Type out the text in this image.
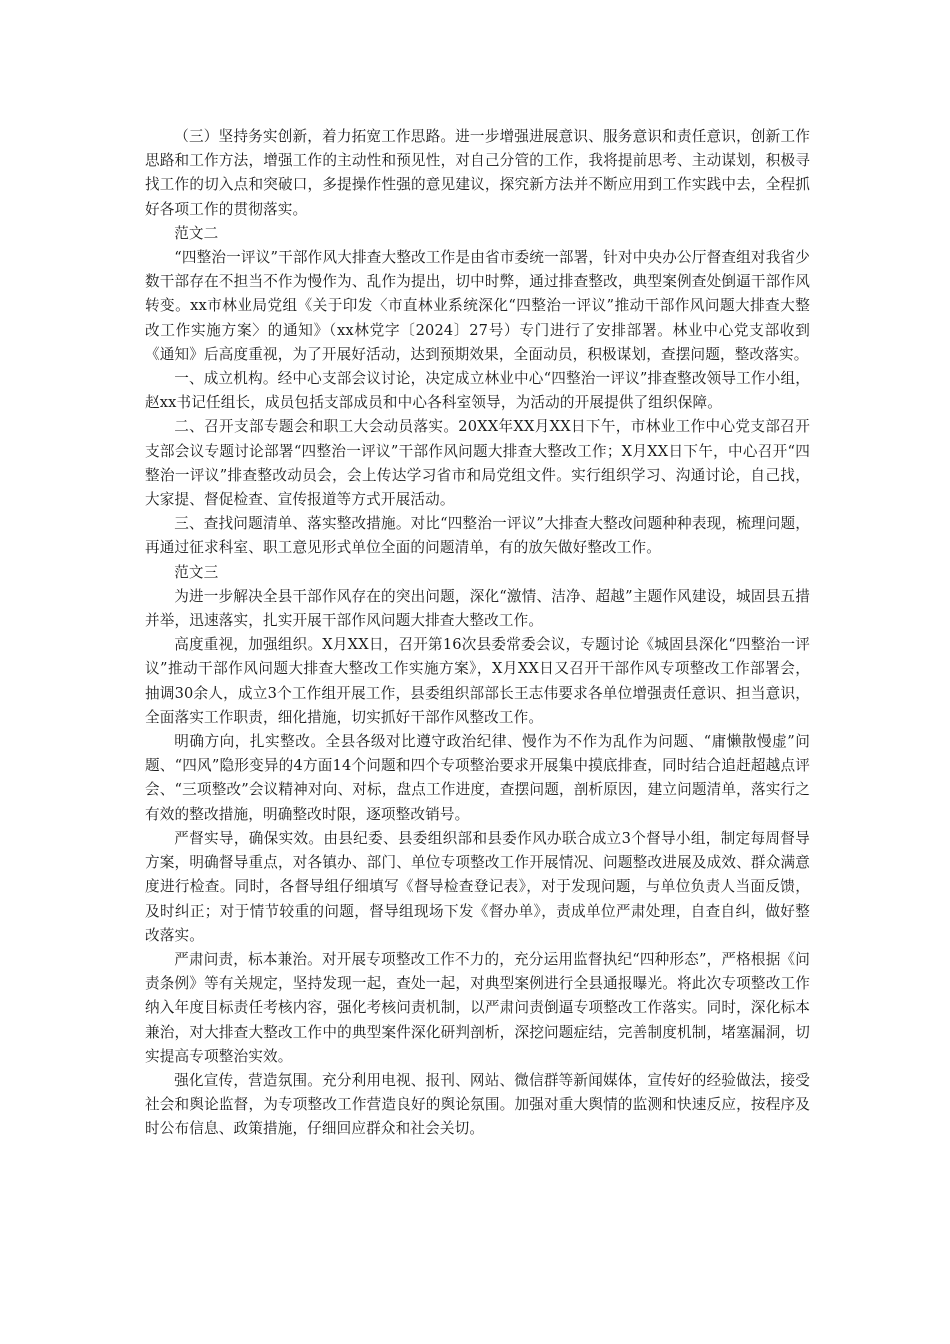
（三）坚持务实创新，着力拓宽工作思路。进一步增强进展意识、服务意识和责任意识，创新工作思路和工作方法，增强工作的主动性和预见性，对自己分管的工作，我将提前思考、主动谋划，积极寻找工作的切入点和突破口，多提操作性强的意见建议，探究新方法并不断应用到工作实践中去，全程抓好各项工作的贯彻落实。

范文二

“四整治一评议”干部作风大排查大整改工作是由省市委统一部署，针对中央办公厅督查组对我省少数干部存在不担当不作为慢作为、乱作为提出，切中时弊，通过排查整改，典型案例查处倒逼干部作风转变。xx市林业局党组《关于印发〈市直林业系统深化“四整治一评议”推动干部作风问题大排查大整改工作实施方案〉的通知》（xx林党字〔2024〕27号）专门进行了安排部署。林业中心党支部收到《通知》后高度重视，为了开展好活动，达到预期效果，全面动员，积极谋划，查摆问题，整改落实。

一、成立机构。经中心支部会议讨论，决定成立林业中心“四整治一评议”排查整改领导工作小组，赵xx书记任组长，成员包括支部成员和中心各科室领导，为活动的开展提供了组织保障。

二、召开支部专题会和职工大会动员落实。20XX年XX月XX日下午，市林业工作中心党支部召开支部会议专题讨论部署“四整治一评议”干部作风问题大排查大整改工作；X月XX日下午，中心召开“四整治一评议”排查整改动员会，会上传达学习省市和局党组文件。实行组织学习、沟通讨论，自己找，大家提、督促检查、宣传报道等方式开展活动。

三、查找问题清单、落实整改措施。对比“四整治一评议”大排查大整改问题种种表现，梳理问题，再通过征求科室、职工意见形式单位全面的问题清单，有的放矢做好整改工作。

范文三

为进一步解决全县干部作风存在的突出问题，深化“激情、洁净、超越”主题作风建设，城固县五措并举，迅速落实，扎实开展干部作风问题大排查大整改工作。

高度重视，加强组织。X月XX日，召开第16次县委常委会议，专题讨论《城固县深化“四整治一评议”推动干部作风问题大排查大整改工作实施方案》，X月XX日又召开干部作风专项整改工作部署会，抽调30余人，成立3个工作组开展工作，县委组织部部长王志伟要求各单位增强责任意识、担当意识，全面落实工作职责，细化措施，切实抓好干部作风整改工作。

明确方向，扎实整改。全县各级对比遵守政治纪律、慢作为不作为乱作为问题、“庸懒散慢虚”问题、“四风”隐形变异的4方面14个问题和四个专项整治要求开展集中摸底排查，同时结合追赶超越点评会、“三项整改”会议精神对向、对标，盘点工作进度，查摆问题，剖析原因，建立问题清单，落实行之有效的整改措施，明确整改时限，逐项整改销号。

严督实导，确保实效。由县纪委、县委组织部和县委作风办联合成立3个督导小组，制定每周督导方案，明确督导重点，对各镇办、部门、单位专项整改工作开展情况、问题整改进展及成效、群众满意度进行检查。同时，各督导组仔细填写《督导检查登记表》，对于发现问题，与单位负责人当面反馈，及时纠正；对于情节较重的问题，督导组现场下发《督办单》，责成单位严肃处理，自查自纠，做好整改落实。

严肃问责，标本兼治。对开展专项整改工作不力的，充分运用监督执纪“四种形态”，严格根据《问责条例》等有关规定，坚持发现一起，查处一起，对典型案例进行全县通报曝光。将此次专项整改工作纳入年度目标责任考核内容，强化考核问责机制，以严肃问责倒逼专项整改工作落实。同时，深化标本兼治，对大排查大整改工作中的典型案件深化研判剖析，深挖问题症结，完善制度机制，堵塞漏洞，切实提高专项整治实效。

强化宣传，营造氛围。充分利用电视、报刊、网站、微信群等新闻媒体，宣传好的经验做法，接受社会和舆论监督，为专项整改工作营造良好的舆论氛围。加强对重大舆情的监测和快速反应，按程序及时公布信息、政策措施，仔细回应群众和社会关切。
